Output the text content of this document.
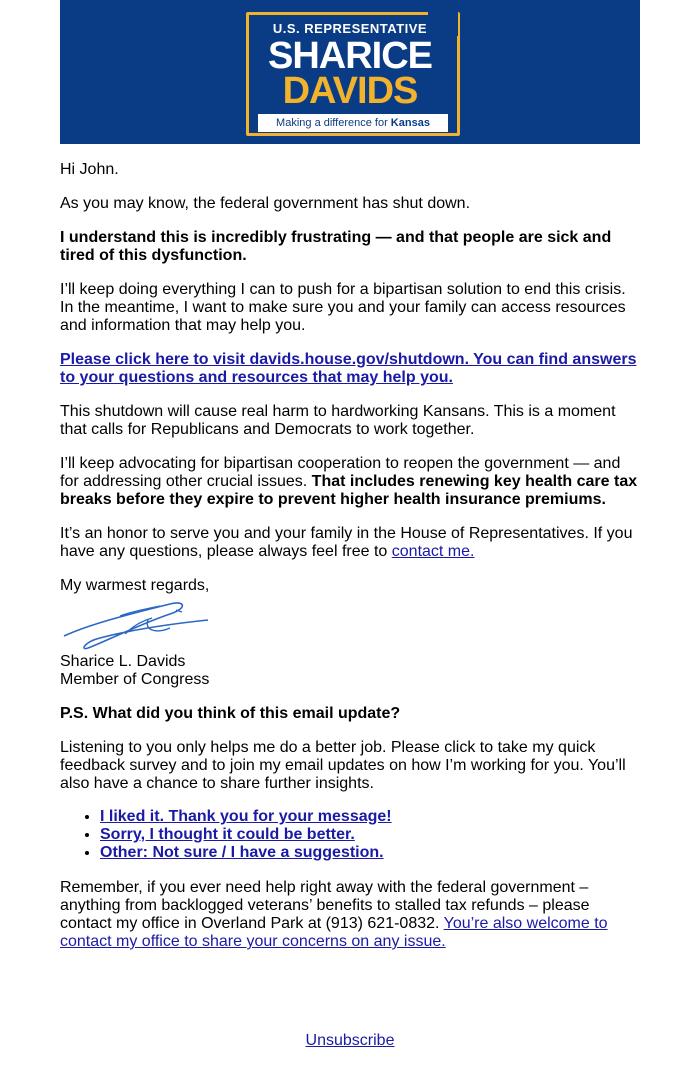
U.S. REPRESENTATIVE
SHARICE
DAVIDS
Making a difference for Kansas

Hi John.

As you may know, the federal government has shut down.

I understand this is incredibly frustrating — and that people are sick and tired of this dysfunction.

I’ll keep doing everything I can to push for a bipartisan solution to end this crisis. In the meantime, I want to make sure you and your family can access resources and information that may help you.

Please click here to visit davids.house.gov/shutdown. You can find answers to your questions and resources that may help you.

This shutdown will cause real harm to hardworking Kansans. This is a moment that calls for Republicans and Democrats to work together.

I’ll keep advocating for bipartisan cooperation to reopen the government — and for addressing other crucial issues. That includes renewing key health care tax breaks before they expire to prevent higher health insurance premiums.

It’s an honor to serve you and your family in the House of Representatives. If you have any questions, please always feel free to contact me.

My warmest regards,

Sharice L. Davids

Member of Congress

P.S. What did you think of this email update?

Listening to you only helps me do a better job. Please click to take my quick feedback survey and to join my email updates on how I’m working for you. You’ll also have a chance to share further insights.

• I liked it. Thank you for your message!
• Sorry, I thought it could be better.
• Other: Not sure / I have a suggestion.

Remember, if you ever need help right away with the federal government – anything from backlogged veterans’ benefits to stalled tax refunds – please contact my office in Overland Park at (913) 621-0832. You’re also welcome to contact my office to share your concerns on any issue.

Unsubscribe
